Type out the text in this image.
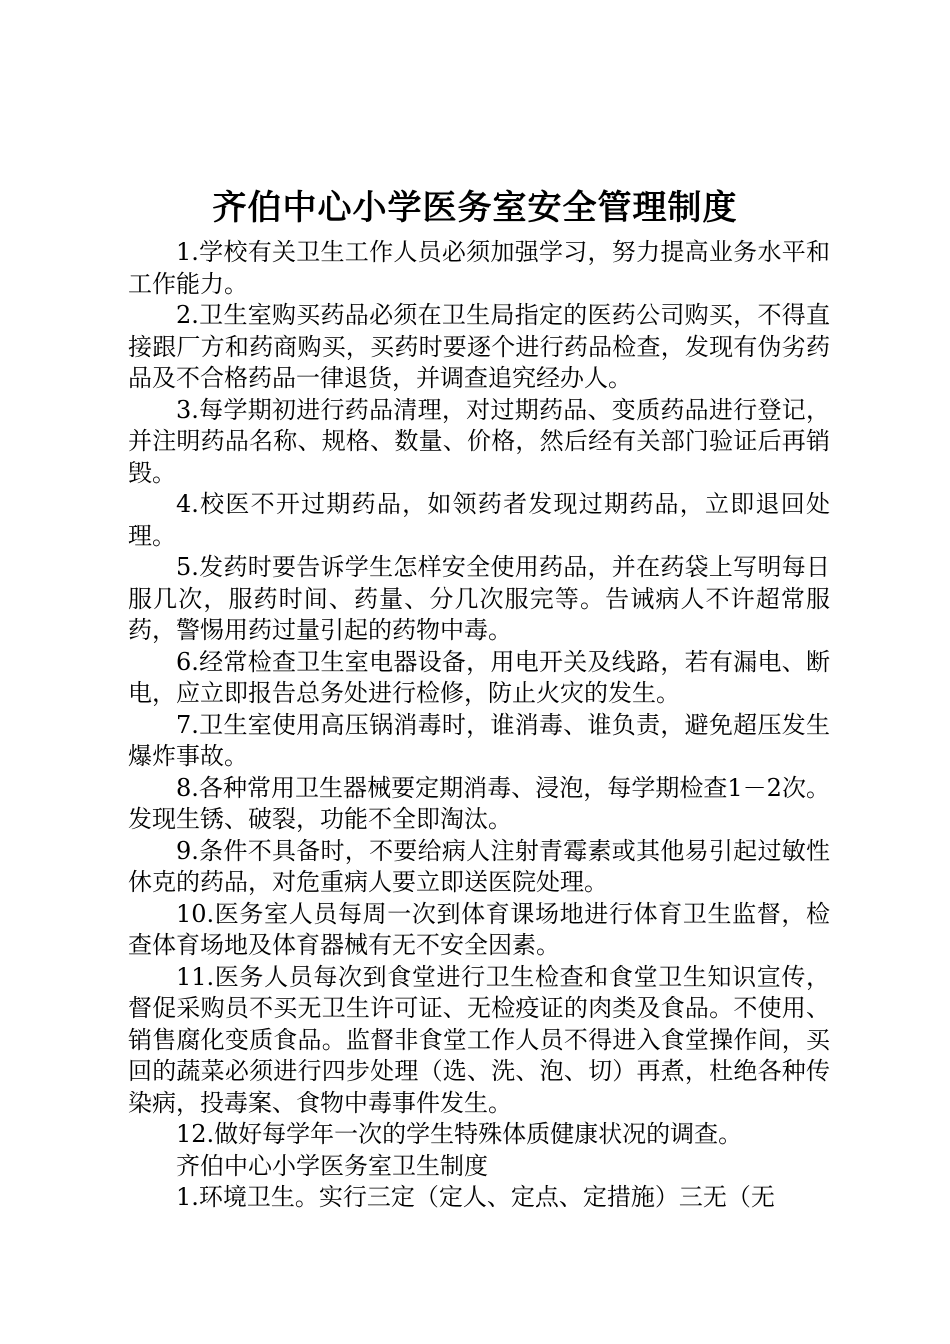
齐伯中心小学医务室安全管理制度

1.学校有关卫生工作人员必须加强学习，努力提高业务水平和工作能力。

2.卫生室购买药品必须在卫生局指定的医药公司购买，不得直接跟厂方和药商购买，买药时要逐个进行药品检查，发现有伪劣药品及不合格药品一律退货，并调查追究经办人。

3.每学期初进行药品清理，对过期药品、变质药品进行登记，并注明药品名称、规格、数量、价格，然后经有关部门验证后再销毁。

4.校医不开过期药品，如领药者发现过期药品，立即退回处理。

5.发药时要告诉学生怎样安全使用药品，并在药袋上写明每日服几次，服药时间、药量、分几次服完等。告诫病人不许超常服药，警惕用药过量引起的药物中毒。

6.经常检查卫生室电器设备，用电开关及线路，若有漏电、断电，应立即报告总务处进行检修，防止火灾的发生。

7.卫生室使用高压锅消毒时，谁消毒、谁负责，避免超压发生爆炸事故。

8.各种常用卫生器械要定期消毒、浸泡，每学期检查1－2次。发现生锈、破裂，功能不全即淘汰。

9.条件不具备时，不要给病人注射青霉素或其他易引起过敏性休克的药品，对危重病人要立即送医院处理。

10.医务室人员每周一次到体育课场地进行体育卫生监督，检查体育场地及体育器械有无不安全因素。

11.医务人员每次到食堂进行卫生检查和食堂卫生知识宣传，督促采购员不买无卫生许可证、无检疫证的肉类及食品。不使用、销售腐化变质食品。监督非食堂工作人员不得进入食堂操作间，买回的蔬菜必须进行四步处理（选、洗、泡、切）再煮，杜绝各种传染病，投毒案、食物中毒事件发生。

12.做好每学年一次的学生特殊体质健康状况的调查。

齐伯中心小学医务室卫生制度

1.环境卫生。实行三定（定人、定点、定措施）三无（无
